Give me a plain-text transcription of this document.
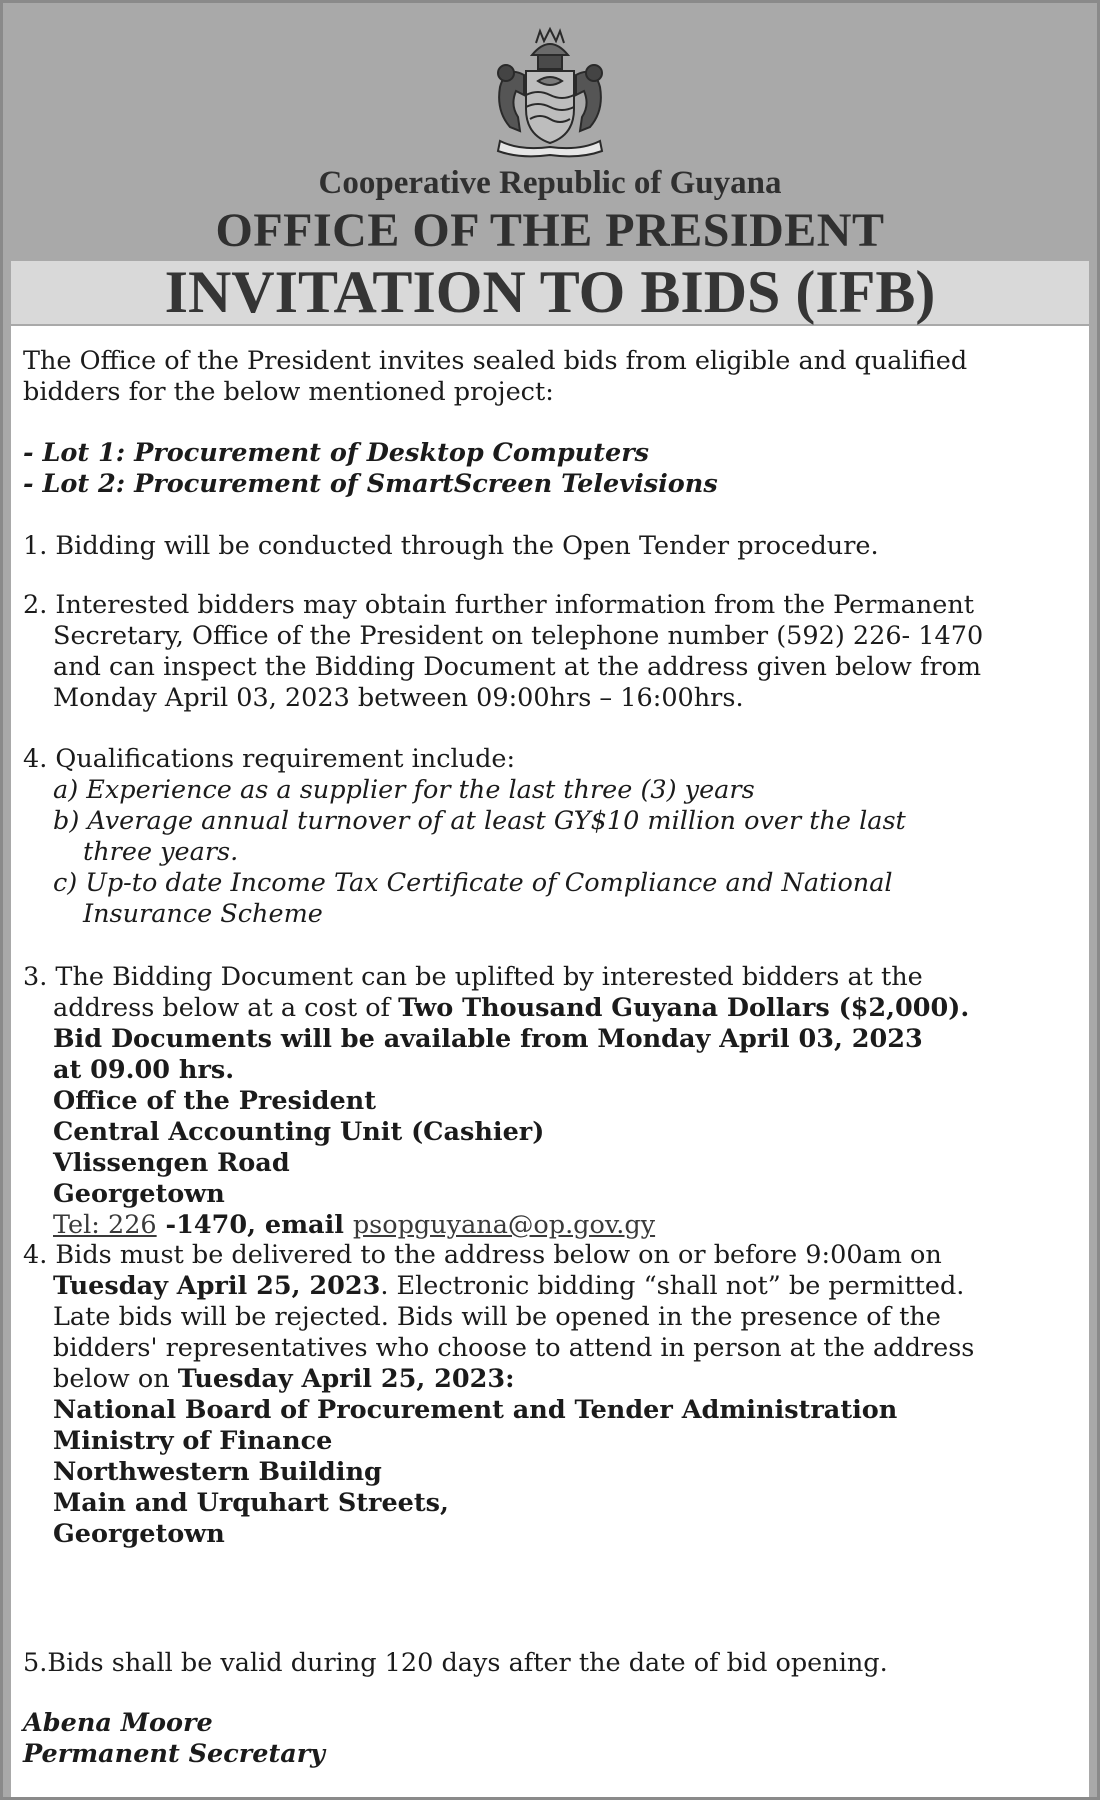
Cooperative Republic of Guyana
OFFICE OF THE PRESIDENT
INVITATION TO BIDS (IFB)

The Office of the President invites sealed bids from eligible and qualified

bidders for the below mentioned project:

- Lot 1: Procurement of Desktop Computers

- Lot 2: Procurement of SmartScreen Televisions

1. Bidding will be conducted through the Open Tender procedure.

2. Interested bidders may obtain further information from the Permanent

Secretary, Office of the President on telephone number (592) 226- 1470

and can inspect the Bidding Document at the address given below from

Monday April 03, 2023 between 09:00hrs – 16:00hrs.

4. Qualifications requirement include:

a) Experience as a supplier for the last three (3) years

b) Average annual turnover of at least GY$10 million over the last

three years.

c) Up-to date Income Tax Certificate of Compliance and National

Insurance Scheme

3. The Bidding Document can be uplifted by interested bidders at the

address below at a cost of Two Thousand Guyana Dollars ($2,000).

Bid Documents will be available from Monday April 03, 2023

at 09.00 hrs.

Office of the President

Central Accounting Unit (Cashier)

Vlissengen Road

Georgetown

Tel: 226 -1470, email psopguyana@op.gov.gy

4. Bids must be delivered to the address below on or before 9:00am on

Tuesday April 25, 2023. Electronic bidding “shall not” be permitted.

Late bids will be rejected. Bids will be opened in the presence of the

bidders' representatives who choose to attend in person at the address

below on Tuesday April 25, 2023:

National Board of Procurement and Tender Administration

Ministry of Finance

Northwestern Building

Main and Urquhart Streets,

Georgetown

5.Bids shall be valid during 120 days after the date of bid opening.

Abena Moore

Permanent Secretary
